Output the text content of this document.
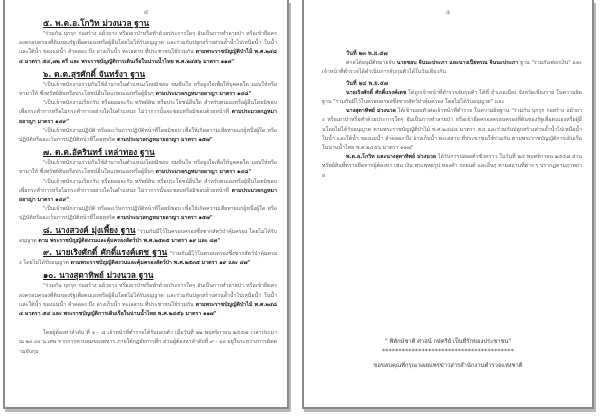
๔
๕. พ.ต.อ.โกวิท ม่วงนวล ฐาน

"ร่วมกัน บุกรุก ก่อสร้าง แผ้วถาง หรือเผาป่าหรือทำด้วยประการใดๆ อันเป็นการทำลายป่า หรือเข้ายึดครองครอบครองที่ดินของรัฐเพื่อตนเองหรือผู้อื่นโดยไม่ได้รับอนุญาต และร่วมกันปลูกสร้างส่วนล้ำน้ำไปเหนือน้ำ ในน้ำ และใต้น้ำ ของแม่น้ำ ลำคลอง บึง อ่างเก็บน้ำ ทะเลสาบ ที่ประชาชนใช้ร่วมกัน ตามพระราชบัญญัติป่าไม้ พ.ศ.๒๔๘๔ มาตรา ๕๔,๗๒ ตรี และ พระราชบัญญัติการเดินเรือในน่านน้ำไทย พ.ศ.๒๔๕๖ มาตรา ๑๑๗"

๖. ด.ต.สุรศักดิ์ จันทร์งา ฐาน

"เป็นเจ้าพนักงานร่วมกันใช้อำนาจในตำแหน่งโดยมิชอบ ข่มขืนใจ หรือจูงใจเพื่อให้บุคคลใด มอบให้หรือหามาให้ ซึ่งทรัพย์สินหรือประโยชน์อื่นใดแก่ตนเองหรือผู้อื่นๆ ตามประมวลกฎหมายอาญา มาตรา ๑๔๘"

"เป็นเจ้าพนักงานเรียกรับ หรือยอมจะรับ ทรัพย์สิน หรือประโยชน์อื่นใด สำหรับตนเองหรือผู้อื่นโดยมิชอบ เพื่อกระทำการหรือไม่กระทำการอย่างใดในตำแหน่ง ไม่ว่าการนั้นจะชอบหรือมิชอบด้วยหน้าที่ ตามประมวลกฎหมายอาญา มาตรา ๑๔๙"

"เป็นเจ้าพนักงานปฏิบัติ หรือละเว้นการปฏิบัติหน้าที่โดยมิชอบ เพื่อให้เกิดความเสียหายแก่ผู้หนึ่งผู้ใด หรือปฏิบัติหรือละเว้นการปฏิบัติหน้าที่โดยทุจริต ตามประมวลกฎหมายอาญา มาตรา ๑๕๗"

๗. ด.ต.อัครินทร์ เหล่าทอง ฐาน

"เป็นเจ้าพนักงานร่วมกันใช้อำนาจในตำแหน่งโดยมิชอบ ข่มขืนใจ หรือจูงใจเพื่อให้บุคคลใด มอบให้หรือหามาให้ ซึ่งทรัพย์สินหรือประโยชน์อื่นใดแก่ตนเองหรือผู้อื่นๆ ตามประมวลกฎหมายอาญา มาตรา ๑๔๘"

"เป็นเจ้าพนักงานเรียกรับ หรือยอมจะรับ ทรัพย์สิน หรือประโยชน์อื่นใด สำหรับตนเองหรือผู้อื่นโดยมิชอบ เพื่อกระทำการหรือไม่กระทำการอย่างใดในตำแหน่ง ไม่ว่าการนั้นจะชอบหรือมิชอบด้วยหน้าที่ ตามประมวลกฎหมายอาญา มาตรา ๑๔๙"

"เป็นเจ้าพนักงานปฏิบัติ หรือละเว้นการปฏิบัติหน้าที่โดยมิชอบ เพื่อให้เกิดความเสียหายแก่ผู้หนึ่งผู้ใด หรือปฏิบัติหรือละเว้นการปฏิบัติหน้าที่โดยทุจริต ตามประมวลกฎหมายอาญา มาตรา ๑๕๗"

๘. นางสวงค์ มุ่งเพี้ยง ฐาน "ร่วมกันมีไว้ในครอบครองซึ่งซากสัตว์ป่าคุ้มครอง โดยไม่ได้รับอนุญาต ตาม พระราชบัญญัติสงวนและคุ้มครองสัตว์ป่า พ.ศ.๒๕๓๕ มาตรา ๑๙ และ ๔๗"

๙. นายเริงศักดิ์ ศักดิ์แรงค์เดช ฐาน "ร่วมกันมีไว้ในครอบครองซึ่งซากสัตว์ป่าคุ้มครอง โดยไม่ได้รับอนุญาต ตามพระราชบัญญัติสงวนและคุ้มครองสัตว์ป่า พ.ศ.๒๕๓๕ มาตรา ๑๙ และ ๔๗"

๑๐. นางสุดาทิพย์ ม่วงนวล ฐาน

"ร่วมกัน บุกรุก ก่อสร้าง แผ้วถาง หรือเผาป่าหรือทำด้วยประการใดๆ อันเป็นการทำลายป่า หรือเข้ายึดครองครอบครองที่ดินของรัฐเพื่อตนเองหรือผู้อื่นโดยไม่ได้รับอนุญาต และร่วมกันปลูกสร้างส่วนล้ำน้ำไปเหนือน้ำ ในน้ำ และใต้น้ำ ของแม่น้ำ ลำคลอง บึง อ่างเก็บน้ำ ทะเลสาบ ที่ประชาชนใช้ร่วมกัน ตามพระราชบัญญัติป่าไม้ พ.ศ.๒๔๘๔ มาตรา ๕๔ และ พระราชบัญญัติการเดินเรือในน่านน้ำไทย พ.ศ.๒๔๕๖ มาตรา ๑๑๗"

โดยผู้ต้องหาลำดับ ที่ ๑ - ๘ เจ้าหน้าที่ตำรวจได้รับมอบตัว เมื่อวันที่ ๒๒ พฤศจิกายน ๒๕๕๗ เวลาประมาณ ๒๐.๐๐ น.เศษ จากการควบคุมของทหาร ภายใต้กฎอัยการศึก ส่วนผู้ต้องหาลำดับที่ ๙ - ๑๐ อยู่ในระหว่างการติดตามจับกุม

๕
วันที่ ๒๓ พ.ย.๕๗

ศาลได้อนุมัติหมายจับ นายชอบ จินนะประภา และนางเปียทรณ จินนะประภา ฐาน "ร่วมกันฟอกเงิน" และเจ้าหน้าที่ตำรวจได้ดำเนินการจับกุมตัวได้ในวันเดียวกัน

วันที่ ๒๔ พ.ย.๕๗

นายเริงศักดิ์ ศักดิ์แรงค์เดช ได้ถูกเจ้าหน้าที่ตำรวจจับกุมตัว ได้ที่ อำเภอเมือง จังหวัดเชียงราย ในความผิดฐาน "ร่วมกันมีไว้ในครอบครองซึ่งซากสัตว์ป่าคุ้มครอง โดยไม่ได้รับอนุญาต" และ

นางสุดาทิพย์ ม่วงนวล ได้เข้ามอบตัวต่อเจ้าหน้าที่ตำรวจ ในความผิดฐาน "ร่วมกัน บุกรุก ก่อสร้าง แผ้วถาง หรือเผาป่าหรือทำด้วยประการใดๆ อันเป็นการทำลายป่า หรือเข้ายึดครองครอบครองที่ดินของรัฐเพื่อตนเองหรือผู้อื่นโดยไม่ได้รับอนุญาต ตามพระราชบัญญัติป่าไม้ พ.ศ.๒๔๘๔ มาตรา ๕๔ และร่วมกันปลูกสร้างส่วนล้ำน้ำไปเหนือน้ำ ในน้ำ และใต้น้ำ ของแม่น้ำ ลำคลอง บึง อ่างเก็บน้ำ ทะเลสาบ ที่ประชาชนใช้ร่วมกัน ตามพระราชบัญญัติการเดินเรือในน่านน้ำไทย พ.ศ.๒๔๕๖ มาตรา ๑๑๗"

พ.ต.อ.โกวิท และนางสุดาทิพย์ ม่วงนวล ได้รับการปล่อยตัวชั่วคราว ในวันที่ ๒๔ พฤศจิกายน ๒๕๕๗ ส่วนทรัพย์สินที่ตรวจยึดจากผู้ต้องหา เช่น เงิน พระพุทธรูป ทองคำ รถยนต์ และอื่นๆ ตามสถานที่ต่าง ๆ ปรากฏตามภาพถ่าย

" พิทักษ์ชาติ ศาสน์ กษัตริย์ เป็นที่รักของประชาชน"
****************************************
ขอขอบคุณที่กรุณาเผยแพร่ข่าวสารสำนักงานตำรวจแห่งชาติ
